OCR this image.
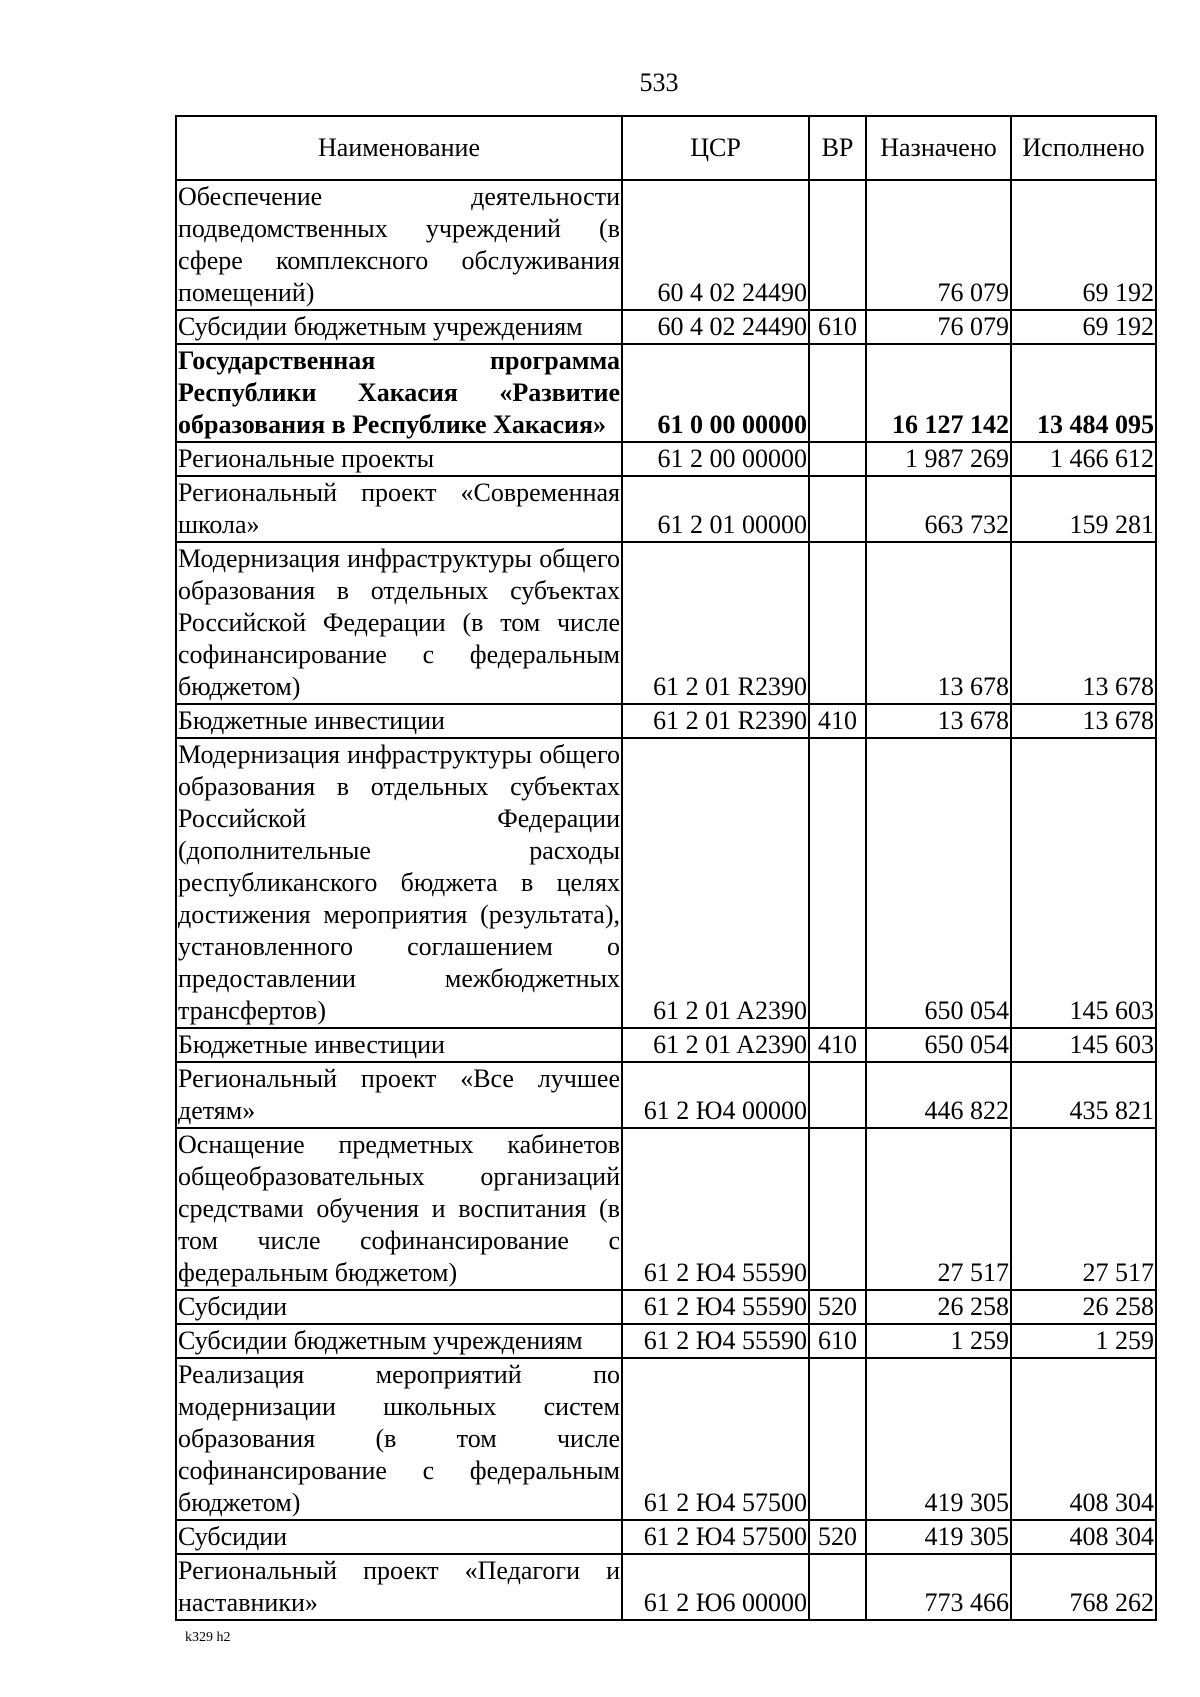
533
Наименование	ЦСР	ВР	Назначено	Исполнено
Обеспечение деятельности подведомственных учреждений (в сфере комплексного обслуживания помещений)	60 4 02 24490		76 079	69 192
Субсидии бюджетным учреждениям	60 4 02 24490	610	76 079	69 192
Государственная программа Республики Хакасия «Развитие образования в Республике Хакасия»	61 0 00 00000		16 127 142	13 484 095
Региональные проекты	61 2 00 00000		1 987 269	1 466 612
Региональный проект «Современная школа»	61 2 01 00000		663 732	159 281
Модернизация инфраструктуры общего образования в отдельных субъектах Российской Федерации (в том числе софинансирование с федеральным бюджетом)	61 2 01 R2390		13 678	13 678
Бюджетные инвестиции	61 2 01 R2390	410	13 678	13 678
Модернизация инфраструктуры общего образования в отдельных субъектах Российской Федерации (дополнительные расходы республиканского бюджета в целях достижения мероприятия (результата), установленного соглашением о предоставлении межбюджетных трансфертов)	61 2 01 A2390		650 054	145 603
Бюджетные инвестиции	61 2 01 A2390	410	650 054	145 603
Региональный проект «Все лучшее детям»	61 2 Ю4 00000		446 822	435 821
Оснащение предметных кабинетов общеобразовательных организаций средствами обучения и воспитания (в том числе софинансирование с федеральным бюджетом)	61 2 Ю4 55590		27 517	27 517
Субсидии	61 2 Ю4 55590	520	26 258	26 258
Субсидии бюджетным учреждениям	61 2 Ю4 55590	610	1 259	1 259
Реализация мероприятий по модернизации школьных систем образования (в том числе софинансирование с федеральным бюджетом)	61 2 Ю4 57500		419 305	408 304
Субсидии	61 2 Ю4 57500	520	419 305	408 304
Региональный проект «Педагоги и наставники»	61 2 Ю6 00000		773 466	768 262
k329 h2
